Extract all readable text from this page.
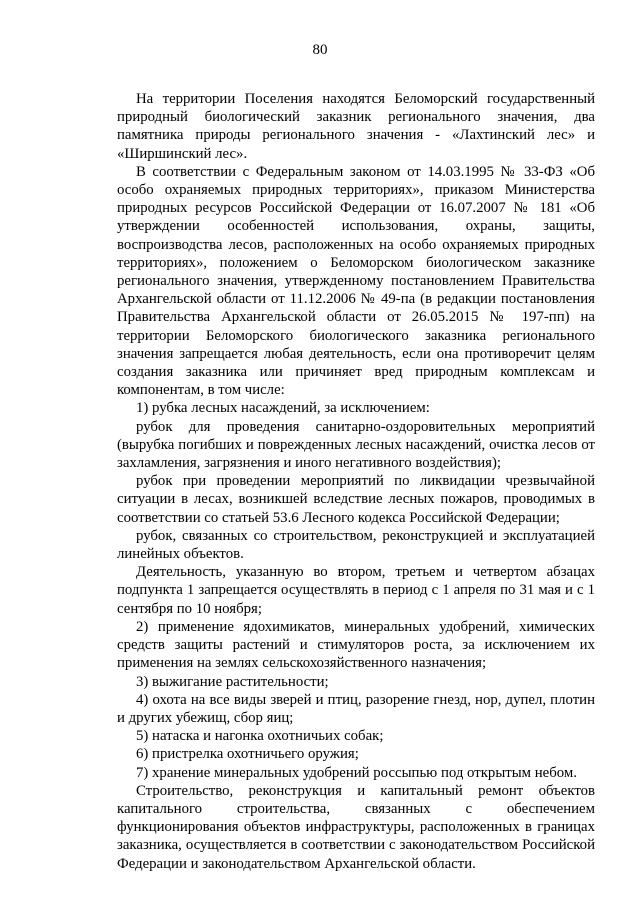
80

На территории Поселения находятся Беломорский государственный природный биологический заказник регионального значения, два памятника природы регионального значения - «Лахтинский лес» и «Ширшинский лес».

В соответствии с Федеральным законом от 14.03.1995 № 33-ФЗ «Об особо охраняемых природных территориях», приказом Министерства природных ресурсов Российской Федерации от 16.07.2007 № 181 «Об утверждении особенностей использования, охраны, защиты, воспроизводства лесов, расположенных на особо охраняемых природных территориях», положением о Беломорском биологическом заказнике регионального значения, утвержденному постановлением Правительства Архангельской области от 11.12.2006 № 49-па (в редакции постановления Правительства Архангельской области от 26.05.2015 № 197-пп) на территории Беломорского биологического заказника регионального значения запрещается любая деятельность, если она противоречит целям создания заказника или причиняет вред природным комплексам и компонентам, в том числе:

1) рубка лесных насаждений, за исключением:

рубок для проведения санитарно-оздоровительных мероприятий (вырубка погибших и поврежденных лесных насаждений, очистка лесов от захламления, загрязнения и иного негативного воздействия);

рубок при проведении мероприятий по ликвидации чрезвычайной ситуации в лесах, возникшей вследствие лесных пожаров, проводимых в соответствии со статьей 53.6 Лесного кодекса Российской Федерации;

рубок, связанных со строительством, реконструкцией и эксплуатацией линейных объектов.

Деятельность, указанную во втором, третьем и четвертом абзацах подпункта 1 запрещается осуществлять в период с 1 апреля по 31 мая и с 1 сентября по 10 ноября;

2) применение ядохимикатов, минеральных удобрений, химических средств защиты растений и стимуляторов роста, за исключением их применения на землях сельскохозяйственного назначения;

3) выжигание растительности;

4) охота на все виды зверей и птиц, разорение гнезд, нор, дупел, плотин и других убежищ, сбор яиц;

5) натаска и нагонка охотничьих собак;

6) пристрелка охотничьего оружия;

7) хранение минеральных удобрений россыпью под открытым небом.

Строительство, реконструкция и капитальный ремонт объектов капитального строительства, связанных с обеспечением функционирования объектов инфраструктуры, расположенных в границах заказника, осуществляется в соответствии с законодательством Российской Федерации и законодательством Архангельской области.
